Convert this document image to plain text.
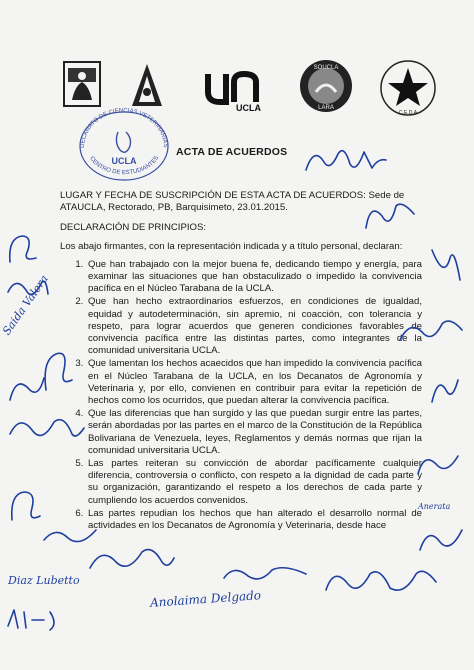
UCLA
SOUCLA
LARA
C.E.D.A
DECANATO DE CIENCIAS VETERINARIAS
UCLA
CENTRO DE ESTUDIANTES
ACTA DE ACUERDOS

LUGAR Y FECHA DE SUSCRIPCIÓN DE ESTA ACTA DE ACUERDOS: Sede de

ATAUCLA, Rectorado, PB, Barquisimeto, 23.01.2015.

DECLARACIÓN DE PRINCIPIOS:

Los abajo firmantes, con la representación indicada y a título personal, declaran:

1. Que han trabajado con la mejor buena fe, dedicando tiempo y energía, para examinar las situaciones que han obstaculizado o impedido la convivencia pacífica en el Núcleo Tarabana de la UCLA.
2. Que han hecho extraordinarios esfuerzos, en condiciones de igualdad, equidad y autodeterminación, sin apremio, ni coacción, con tolerancia y respeto, para lograr acuerdos que generen condiciones favorables de convivencia pacífica entre las distintas partes, como integrantes de la comunidad universitaria UCLA.
3. Que lamentan los hechos acaecidos que han impedido la convivencia pacífica en el Núcleo Tarabana de la UCLA, en los Decanatos de Agronomía y Veterinaria y, por ello, convienen en contribuir para evitar la repetición de hechos como los ocurridos, que puedan alterar la convivencia pacífica.
4. Que las diferencias que han surgido y las que puedan surgir entre las partes, serán abordadas por las partes en el marco de la Constitución de la República Bolivariana de Venezuela, leyes, Reglamentos y demás normas que rijan la comunidad universitaria UCLA.
5. Las partes reiteran su convicción de abordar pacíficamente cualquier diferencia, controversia o conflicto, con respeto a la dignidad de cada parte y su organización, garantizando el respeto a los derechos de cada parte y cumpliendo los acuerdos convenidos.
6. Las partes repudian los hechos que han alterado el desarrollo normal de actividades en los Decanatos de Agronomía y Veterinaria, desde hace
Saida Valera
Anerata
Diaz Lubetto
Anolaima Delgado
